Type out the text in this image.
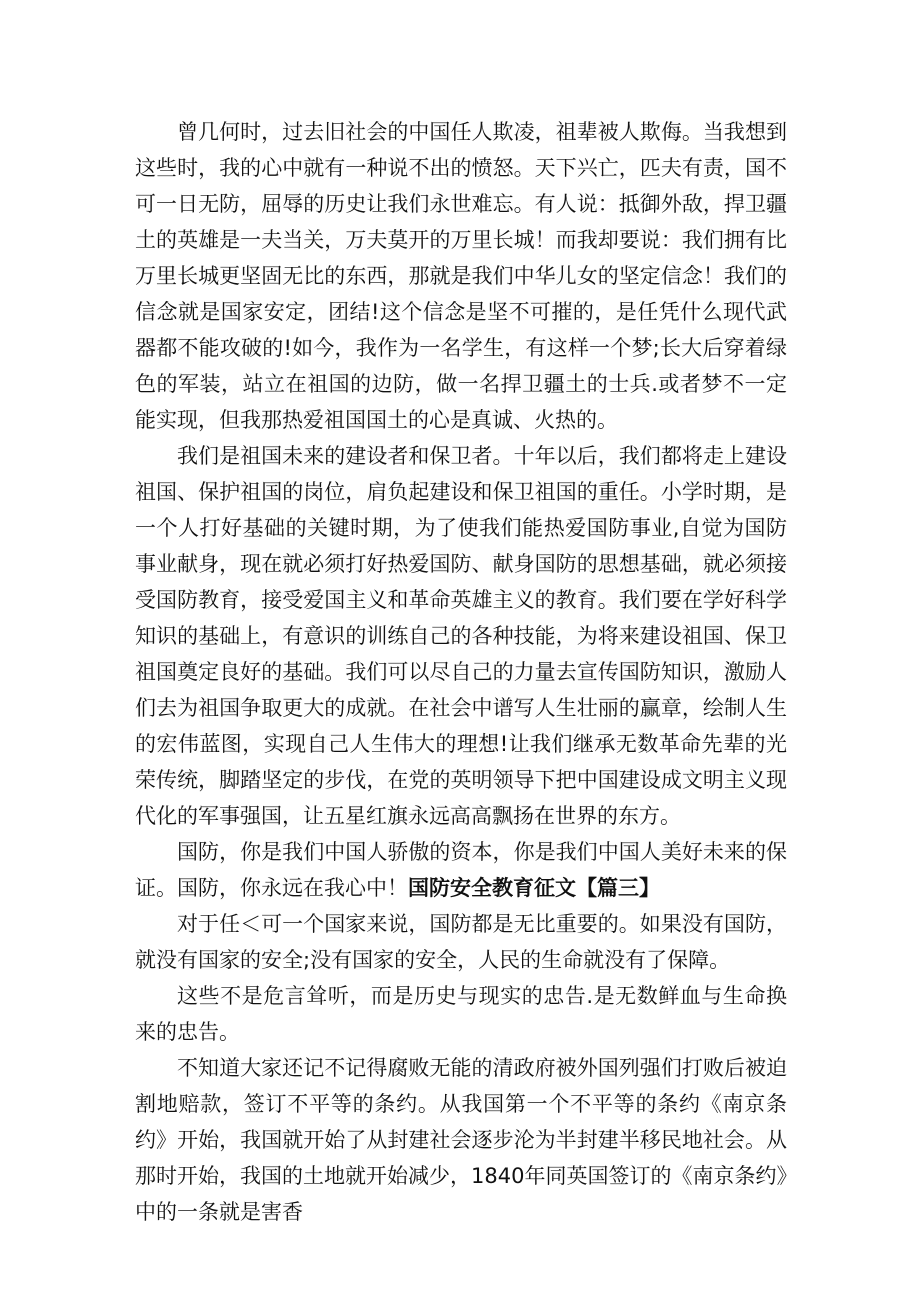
曾几何时，过去旧社会的中国任人欺凌，祖辈被人欺侮。当我想到这些时，我的心中就有一种说不出的愤怒。天下兴亡，匹夫有责，国不可一日无防，屈辱的历史让我们永世难忘。有人说：抵御外敌，捍卫疆土的英雄是一夫当关，万夫莫开的万里长城！而我却要说：我们拥有比万里长城更坚固无比的东西，那就是我们中华儿女的坚定信念！我们的信念就是国家安定，团结!这个信念是坚不可摧的，是任凭什么现代武器都不能攻破的!如今，我作为一名学生，有这样一个梦;长大后穿着绿色的军装，站立在祖国的边防，做一名捍卫疆土的士兵.或者梦不一定能实现，但我那热爱祖国国土的心是真诚、火热的。

我们是祖国未来的建设者和保卫者。十年以后，我们都将走上建设祖国、保护祖国的岗位，肩负起建设和保卫祖国的重任。小学时期，是一个人打好基础的关键时期，为了使我们能热爱国防事业,自觉为国防事业献身，现在就必须打好热爱国防、献身国防的思想基础，就必须接受国防教育，接受爱国主义和革命英雄主义的教育。我们要在学好科学知识的基础上，有意识的训练自己的各种技能，为将来建设祖国、保卫祖国奠定良好的基础。我们可以尽自己的力量去宣传国防知识，激励人们去为祖国争取更大的成就。在社会中谱写人生壮丽的赢章，绘制人生的宏伟蓝图，实现自己人生伟大的理想!让我们继承无数革命先辈的光荣传统，脚踏坚定的步伐，在党的英明领导下把中国建设成文明主义现代化的军事强国，让五星红旗永远高高飘扬在世界的东方。

国防，你是我们中国人骄傲的资本，你是我们中国人美好未来的保证。国防，你永远在我心中！国防安全教育征文【篇三】

对于任＜可一个国家来说，国防都是无比重要的。如果没有国防，就没有国家的安全;没有国家的安全，人民的生命就没有了保障。

这些不是危言耸听，而是历史与现实的忠告.是无数鲜血与生命换来的忠告。

不知道大家还记不记得腐败无能的清政府被外国列强们打败后被迫割地赔款，签订不平等的条约。从我国第一个不平等的条约《南京条约》开始，我国就开始了从封建社会逐步沦为半封建半移民地社会。从那时开始，我国的土地就开始减少，1840年同英国签订的《南京条约》中的一条就是害香
